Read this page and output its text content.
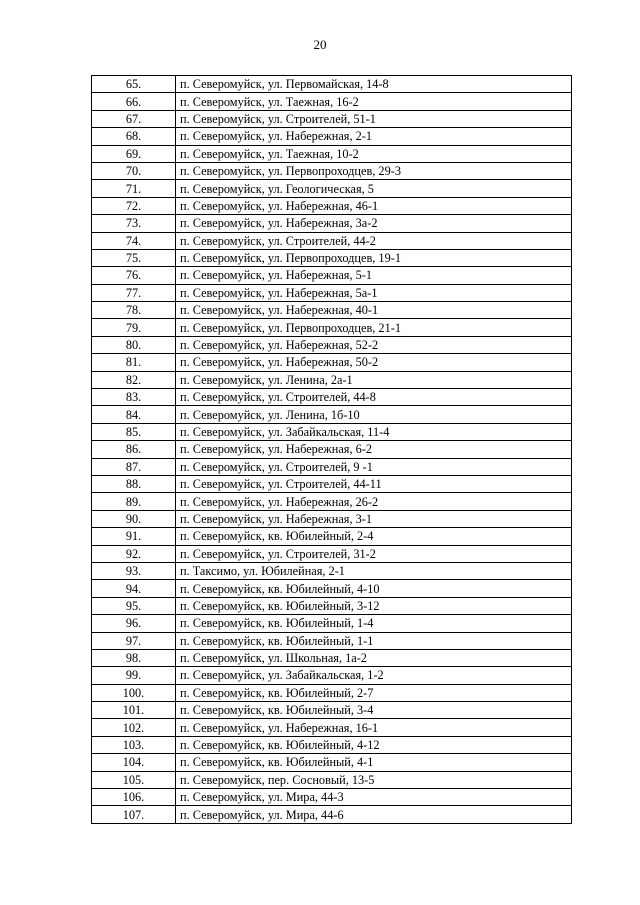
20
65.	п. Северомуйск, ул. Первомайская, 14-8
66.	п. Северомуйск, ул. Таежная, 16-2
67.	п. Северомуйск, ул. Строителей, 51-1
68.	п. Северомуйск, ул. Набережная, 2-1
69.	п. Северомуйск, ул. Таежная, 10-2
70.	п. Северомуйск, ул. Первопроходцев, 29-3
71.	п. Северомуйск, ул. Геологическая, 5
72.	п. Северомуйск, ул. Набережная, 46-1
73.	п. Северомуйск, ул. Набережная, 3а-2
74.	п. Северомуйск, ул. Строителей, 44-2
75.	п. Северомуйск, ул. Первопроходцев, 19-1
76.	п. Северомуйск, ул. Набережная, 5-1
77.	п. Северомуйск, ул. Набережная, 5а-1
78.	п. Северомуйск, ул. Набережная, 40-1
79.	п. Северомуйск, ул. Первопроходцев, 21-1
80.	п. Северомуйск, ул. Набережная, 52-2
81.	п. Северомуйск, ул. Набережная, 50-2
82.	п. Северомуйск, ул. Ленина, 2а-1
83.	п. Северомуйск, ул. Строителей, 44-8
84.	п. Северомуйск, ул. Ленина, 1б-10
85.	п. Северомуйск, ул. Забайкальская, 11-4
86.	п. Северомуйск, ул. Набережная, 6-2
87.	п. Северомуйск, ул. Строителей, 9 -1
88.	п. Северомуйск, ул. Строителей, 44-11
89.	п. Северомуйск, ул. Набережная, 26-2
90.	п. Северомуйск, ул. Набережная, 3-1
91.	п. Северомуйск, кв. Юбилейный, 2-4
92.	п. Северомуйск, ул. Строителей, 31-2
93.	п. Таксимо, ул. Юбилейная, 2-1
94.	п. Северомуйск, кв. Юбилейный, 4-10
95.	п. Северомуйск, кв. Юбилейный, 3-12
96.	п. Северомуйск, кв. Юбилейный, 1-4
97.	п. Северомуйск, кв. Юбилейный, 1-1
98.	п. Северомуйск, ул. Школьная, 1а-2
99.	п. Северомуйск, ул. Забайкальская, 1-2
100.	п. Северомуйск, кв. Юбилейный, 2-7
101.	п. Северомуйск, кв. Юбилейный, 3-4
102.	п. Северомуйск, ул. Набережная, 16-1
103.	п. Северомуйск, кв. Юбилейный, 4-12
104.	п. Северомуйск, кв. Юбилейный, 4-1
105.	п. Северомуйск, пер. Сосновый, 13-5
106.	п. Северомуйск, ул. Мира, 44-3
107.	п. Северомуйск, ул. Мира, 44-6
